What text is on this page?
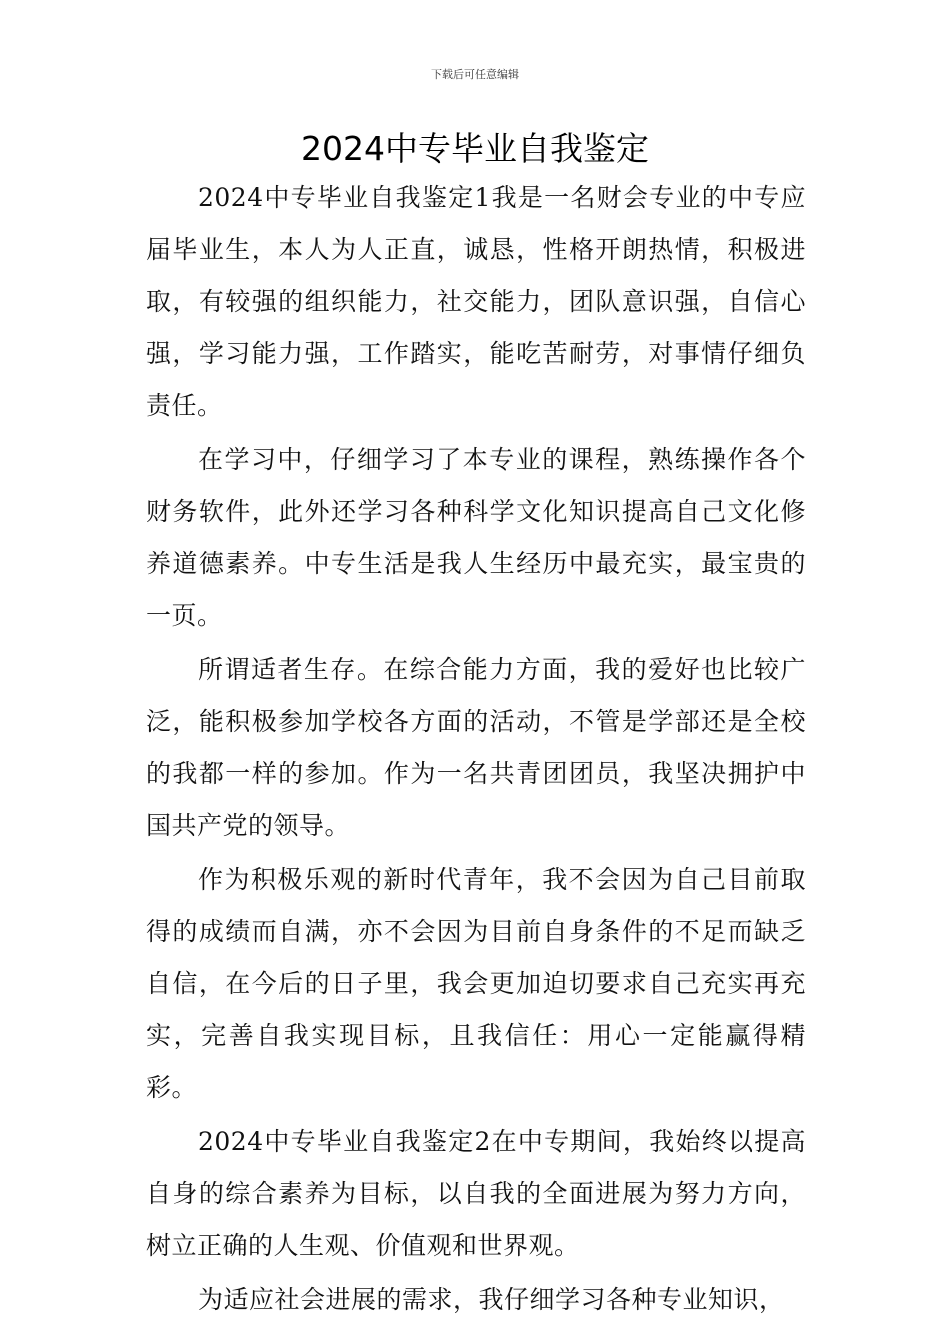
下载后可任意编辑
2024中专毕业自我鉴定

2024中专毕业自我鉴定1我是一名财会专业的中专应届毕业生，本人为人正直，诚恳，性格开朗热情，积极进取，有较强的组织能力，社交能力，团队意识强，自信心强，学习能力强，工作踏实，能吃苦耐劳，对事情仔细负责任。

在学习中，仔细学习了本专业的课程，熟练操作各个财务软件，此外还学习各种科学文化知识提高自己文化修养道德素养。中专生活是我人生经历中最充实，最宝贵的一页。

所谓适者生存。在综合能力方面，我的爱好也比较广泛，能积极参加学校各方面的活动，不管是学部还是全校的我都一样的参加。作为一名共青团团员，我坚决拥护中国共产党的领导。

作为积极乐观的新时代青年，我不会因为自己目前取得的成绩而自满，亦不会因为目前自身条件的不足而缺乏自信，在今后的日子里，我会更加迫切要求自己充实再充实，完善自我实现目标，且我信任：用心一定能赢得精彩。

2024中专毕业自我鉴定2在中专期间，我始终以提高自身的综合素养为目标，以自我的全面进展为努力方向，树立正确的人生观、价值观和世界观。

为适应社会进展的需求，我仔细学习各种专业知识，
